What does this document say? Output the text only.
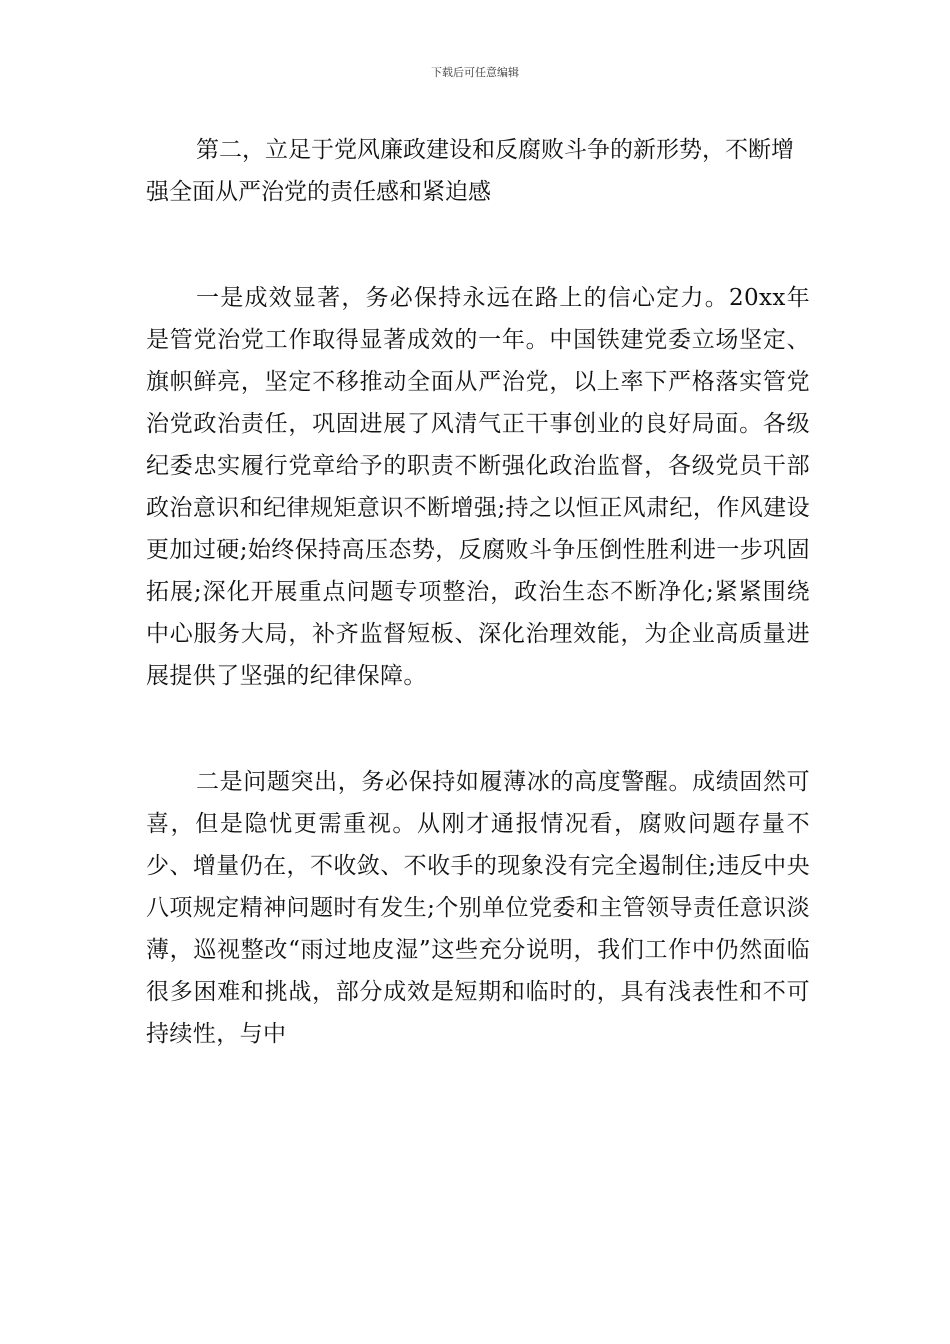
下载后可任意编辑

第二，立足于党风廉政建设和反腐败斗争的新形势，不断增强全面从严治党的责任感和紧迫感

一是成效显著，务必保持永远在路上的信心定力。20xx年是管党治党工作取得显著成效的一年。中国铁建党委立场坚定、旗帜鲜亮，坚定不移推动全面从严治党，以上率下严格落实管党治党政治责任，巩固进展了风清气正干事创业的良好局面。各级纪委忠实履行党章给予的职责不断强化政治监督，各级党员干部政治意识和纪律规矩意识不断增强;持之以恒正风肃纪，作风建设更加过硬;始终保持高压态势，反腐败斗争压倒性胜利进一步巩固拓展;深化开展重点问题专项整治，政治生态不断净化;紧紧围绕中心服务大局，补齐监督短板、深化治理效能，为企业高质量进展提供了坚强的纪律保障。

二是问题突出，务必保持如履薄冰的高度警醒。成绩固然可喜，但是隐忧更需重视。从刚才通报情况看，腐败问题存量不少、增量仍在，不收敛、不收手的现象没有完全遏制住;违反中央八项规定精神问题时有发生;个别单位党委和主管领导责任意识淡薄，巡视整改“雨过地皮湿”这些充分说明，我们工作中仍然面临很多困难和挑战，部分成效是短期和临时的，具有浅表性和不可持续性，与中
